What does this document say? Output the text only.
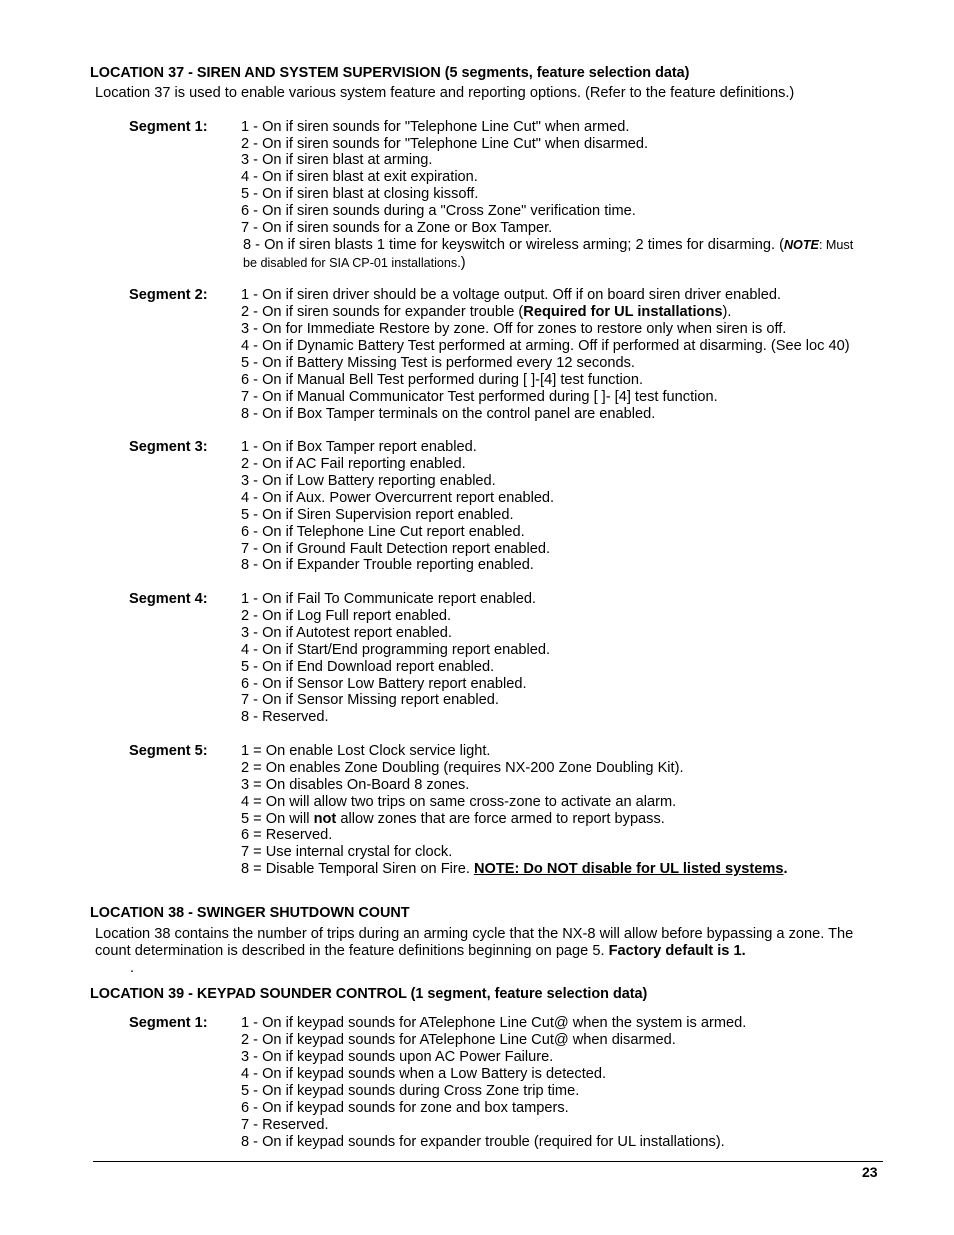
LOCATION 37 - SIREN AND SYSTEM SUPERVISION (5 segments, feature selection data)
Location 37 is used to enable various system feature and reporting options. (Refer to the feature definitions.)
Segment 1: 1 - On if siren sounds for "Telephone Line Cut" when armed.
2 - On if siren sounds for "Telephone Line Cut" when disarmed.
3 - On if siren blast at arming.
4 - On if siren blast at exit expiration.
5 - On if siren blast at closing kissoff.
6 - On if siren sounds during a "Cross Zone" verification time.
7 - On if siren sounds for a Zone or Box Tamper.
8 - On if siren blasts 1 time for keyswitch or wireless arming; 2 times for disarming. (NOTE: Must
be disabled for SIA CP-01 installations.)
Segment 2: 1 - On if siren driver should be a voltage output. Off if on board siren driver enabled.
2 - On if siren sounds for expander trouble (Required for UL installations).
3 - On for Immediate Restore by zone. Off for zones to restore only when siren is off.
4 - On if Dynamic Battery Test performed at arming. Off if performed at disarming. (See loc 40)
5 - On if Battery Missing Test is performed every 12 seconds.
6 - On if Manual Bell Test performed during [ ]-[4] test function.
7 - On if Manual Communicator Test performed during [ ]- [4] test function.
8 - On if Box Tamper terminals on the control panel are enabled.
Segment 3: 1 - On if Box Tamper report enabled.
2 - On if AC Fail reporting enabled.
3 - On if Low Battery reporting enabled.
4 - On if Aux. Power Overcurrent report enabled.
5 - On if Siren Supervision report enabled.
6 - On if Telephone Line Cut report enabled.
7 - On if Ground Fault Detection report enabled.
8 - On if Expander Trouble reporting enabled.
Segment 4: 1 - On if Fail To Communicate report enabled.
2 - On if Log Full report enabled.
3 - On if Autotest report enabled.
4 - On if Start/End programming report enabled.
5 - On if End Download report enabled.
6 - On if Sensor Low Battery report enabled.
7 - On if Sensor Missing report enabled.
8 - Reserved.
Segment 5: 1 = On enable Lost Clock service light.
2 = On enables Zone Doubling (requires NX-200 Zone Doubling Kit).
3 = On disables On-Board 8 zones.
4 = On will allow two trips on same cross-zone to activate an alarm.
5 = On will not allow zones that are force armed to report bypass.
6 = Reserved.
7 = Use internal crystal for clock.
8 = Disable Temporal Siren on Fire. NOTE: Do NOT disable for UL listed systems.
LOCATION 38 - SWINGER SHUTDOWN COUNT
Location 38 contains the number of trips during an arming cycle that the NX-8 will allow before bypassing a zone. The
count determination is described in the feature definitions beginning on page 5. Factory default is 1.
.
LOCATION 39 - KEYPAD SOUNDER CONTROL (1 segment, feature selection data)
Segment 1: 1 - On if keypad sounds for ATelephone Line Cut@ when the system is armed.
2 - On if keypad sounds for ATelephone Line Cut@ when disarmed.
3 - On if keypad sounds upon AC Power Failure.
4 - On if keypad sounds when a Low Battery is detected.
5 - On if keypad sounds during Cross Zone trip time.
6 - On if keypad sounds for zone and box tampers.
7 - Reserved.
8 - On if keypad sounds for expander trouble (required for UL installations).
23
